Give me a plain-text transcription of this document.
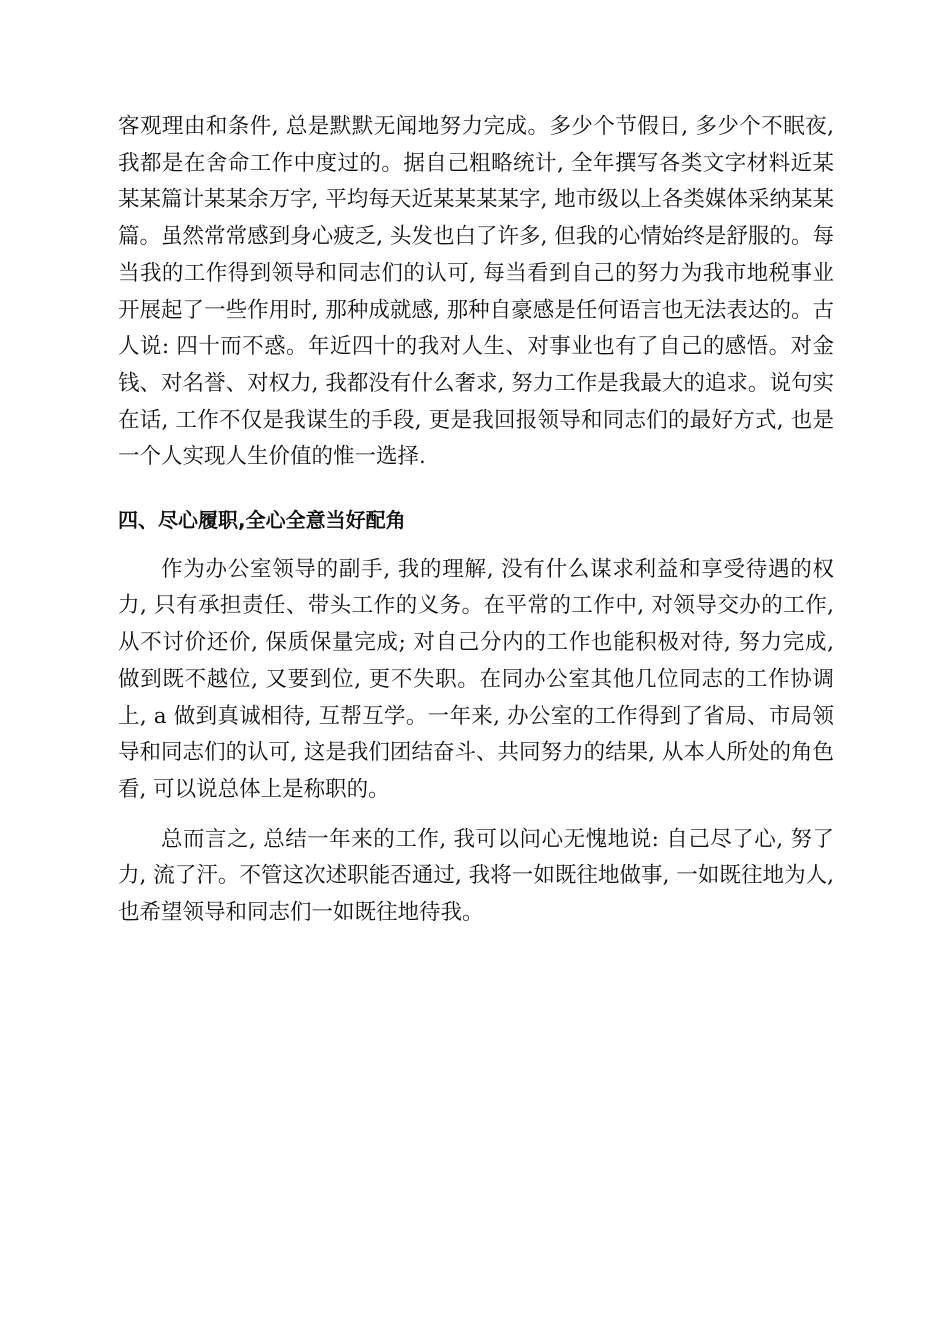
客观理由和条件, 总是默默无闻地努力完成。多少个节假日, 多少个不眠夜, 我都是在舍命工作中度过的。据自己粗略统计, 全年撰写各类文字材料近某某某篇计某某余万字, 平均每天近某某某某字, 地市级以上各类媒体采纳某某篇。虽然常常感到身心疲乏, 头发也白了许多, 但我的心情始终是舒服的。每当我的工作得到领导和同志们的认可, 每当看到自己的努力为我市地税事业开展起了一些作用时, 那种成就感, 那种自豪感是任何语言也无法表达的。古人说: 四十而不惑。年近四十的我对人生、对事业也有了自己的感悟。对金钱、对名誉、对权力, 我都没有什么奢求, 努力工作是我最大的追求。说句实在话, 工作不仅是我谋生的手段, 更是我回报领导和同志们的最好方式, 也是一个人实现人生价值的惟一选择.

四、尽心履职,全心全意当好配角

作为办公室领导的副手, 我的理解, 没有什么谋求利益和享受待遇的权力, 只有承担责任、带头工作的义务。在平常的工作中, 对领导交办的工作, 从不讨价还价, 保质保量完成; 对自己分内的工作也能积极对待, 努力完成, 做到既不越位, 又要到位, 更不失职。在同办公室其他几位同志的工作协调上, a 做到真诚相待, 互帮互学。一年来, 办公室的工作得到了省局、市局领导和同志们的认可, 这是我们团结奋斗、共同努力的结果, 从本人所处的角色看, 可以说总体上是称职的。

总而言之, 总结一年来的工作, 我可以问心无愧地说: 自己尽了心, 努了力, 流了汗。不管这次述职能否通过, 我将一如既往地做事, 一如既往地为人, 也希望领导和同志们一如既往地待我。
